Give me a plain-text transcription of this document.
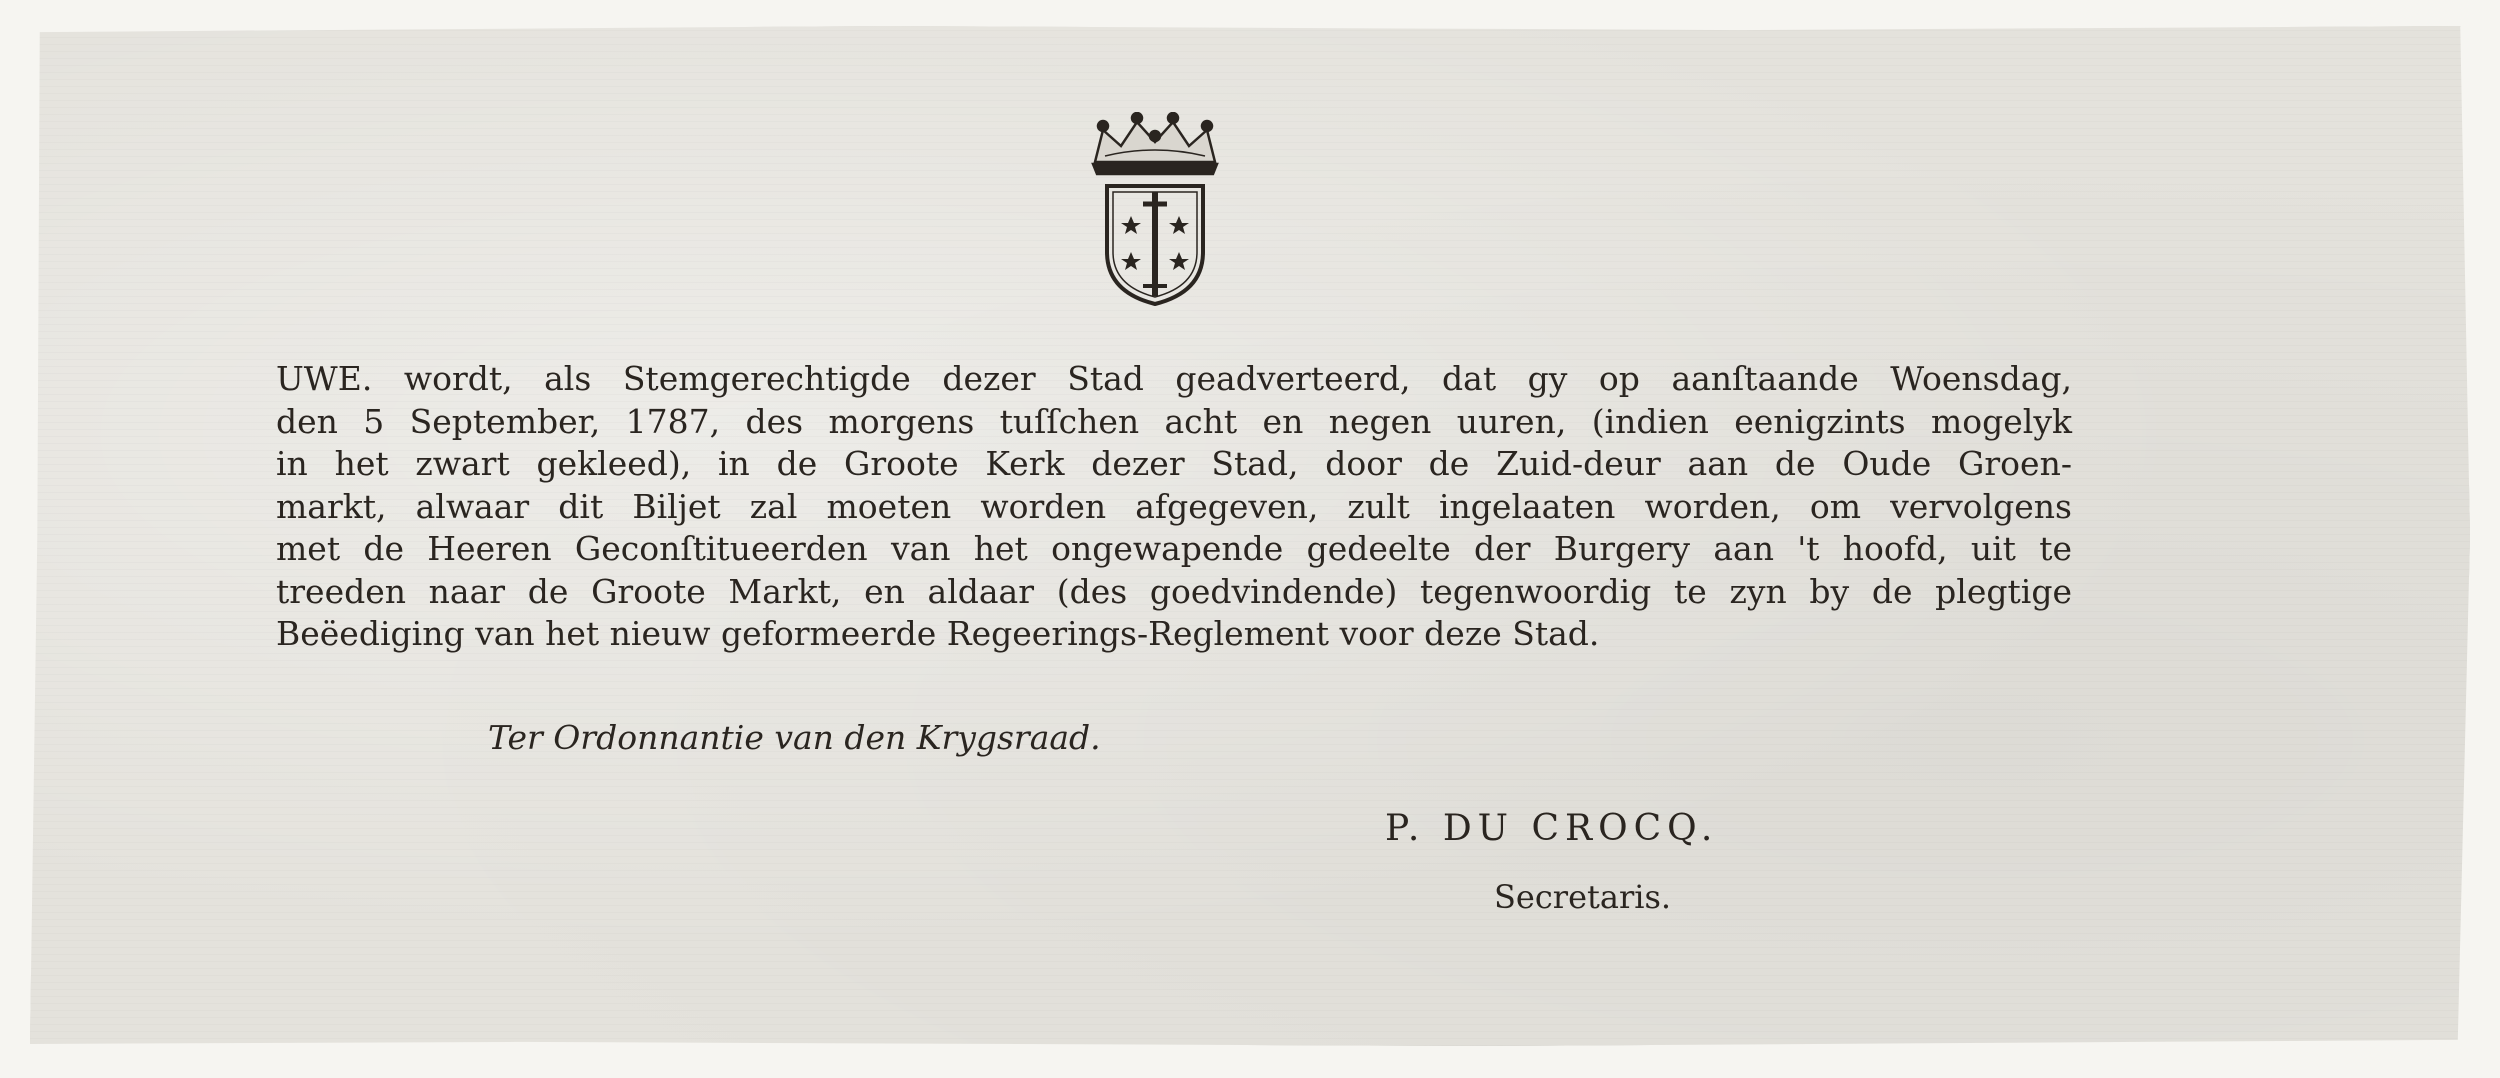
UWE. wordt, als Stemgerechtigde dezer Stad geadverteerd, dat gy op aanſtaande Woensdag,
den 5 September, 1787, des morgens tuſſchen acht en negen uuren, (indien eenigzints mogelyk
in het zwart gekleed), in de Groote Kerk dezer Stad, door de Zuid-deur aan de Oude Groen-
markt, alwaar dit Biljet zal moeten worden afgegeven, zult ingelaaten worden, om vervolgens
met de Heeren Geconſtitueerden van het ongewapende gedeelte der Burgery aan 't hoofd, uit te
treeden naar de Groote Markt, en aldaar (des goedvindende) tegenwoordig te zyn by de plegtige
Beëediging van het nieuw geformeerde Regeerings-Reglement voor deze Stad.

Ter Ordonnantie van den Krygsraad.

P. DU CROCQ.

Secretaris.
